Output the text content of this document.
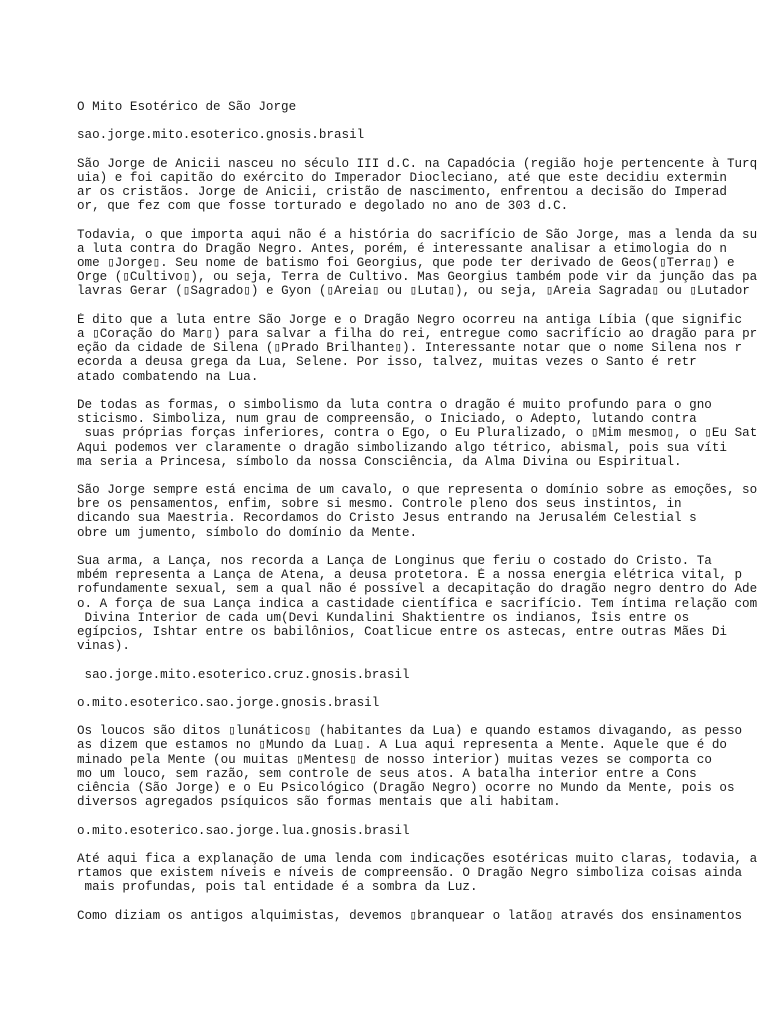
O Mito Esotérico de São Jorge
sao.jorge.mito.esoterico.gnosis.brasil
São Jorge de Anicii nasceu no século III d.C. na Capadócia (região hoje pertencente à Turq
uia) e foi capitão do exército do Imperador Diocleciano, até que este decidiu extermin
ar os cristãos. Jorge de Anicii, cristão de nascimento, enfrentou a decisão do Imperad
or, que fez com que fosse torturado e degolado no ano de 303 d.C.
Todavia, o que importa aqui não é a história do sacrifício de São Jorge, mas a lenda da su
a luta contra do Dragão Negro. Antes, porém, é interessante analisar a etimologia do n
ome ▯Jorge▯. Seu nome de batismo foi Georgius, que pode ter derivado de Geos(▯Terra▯) e
Orge (▯Cultivo▯), ou seja, Terra de Cultivo. Mas Georgius também pode vir da junção das pa
lavras Gerar (▯Sagrado▯) e Gyon (▯Areia▯ ou ▯Luta▯), ou seja, ▯Areia Sagrada▯ ou ▯Lutador
É dito que a luta entre São Jorge e o Dragão Negro ocorreu na antiga Líbia (que signific
a ▯Coração do Mar▯) para salvar a filha do rei, entregue como sacrifício ao dragão para pr
eção da cidade de Silena (▯Prado Brilhante▯). Interessante notar que o nome Silena nos r
ecorda a deusa grega da Lua, Selene. Por isso, talvez, muitas vezes o Santo é retr
atado combatendo na Lua.
De todas as formas, o simbolismo da luta contra o dragão é muito profundo para o gno
sticismo. Simboliza, num grau de compreensão, o Iniciado, o Adepto, lutando contra
suas próprias forças inferiores, contra o Ego, o Eu Pluralizado, o ▯Mim mesmo▯, o ▯Eu Sat
Aqui podemos ver claramente o dragão simbolizando algo tétrico, abismal, pois sua víti
ma seria a Princesa, símbolo da nossa Consciência, da Alma Divina ou Espiritual.
São Jorge sempre está encima de um cavalo, o que representa o domínio sobre as emoções, so
bre os pensamentos, enfim, sobre si mesmo. Controle pleno dos seus instintos, in
dicando sua Maestria. Recordamos do Cristo Jesus entrando na Jerusalém Celestial s
obre um jumento, símbolo do domínio da Mente.
Sua arma, a Lança, nos recorda a Lança de Longinus que feriu o costado do Cristo. Ta
mbém representa a Lança de Atena, a deusa protetora. É a nossa energia elétrica vital, p
rofundamente sexual, sem a qual não é possível a decapitação do dragão negro dentro do Ade
o. A força de sua Lança indica a castidade científica e sacrifício. Tem íntima relação com
Divina Interior de cada um(Devi Kundalini Shaktientre os indianos, Ísis entre os
egípcios, Ishtar entre os babilônios, Coatlicue entre os astecas, entre outras Mães Di
vinas).
sao.jorge.mito.esoterico.cruz.gnosis.brasil
o.mito.esoterico.sao.jorge.gnosis.brasil
Os loucos são ditos ▯lunáticos▯ (habitantes da Lua) e quando estamos divagando, as pesso
as dizem que estamos no ▯Mundo da Lua▯. A Lua aqui representa a Mente. Aquele que é do
minado pela Mente (ou muitas ▯Mentes▯ de nosso interior) muitas vezes se comporta co
mo um louco, sem razão, sem controle de seus atos. A batalha interior entre a Cons
ciência (São Jorge) e o Eu Psicológico (Dragão Negro) ocorre no Mundo da Mente, pois os
diversos agregados psíquicos são formas mentais que ali habitam.
o.mito.esoterico.sao.jorge.lua.gnosis.brasil
Até aqui fica a explanação de uma lenda com indicações esotéricas muito claras, todavia, a
rtamos que existem níveis e níveis de compreensão. O Dragão Negro simboliza coisas ainda
mais profundas, pois tal entidade é a sombra da Luz.
Como diziam os antigos alquimistas, devemos ▯branquear o latão▯ através dos ensinamentos
